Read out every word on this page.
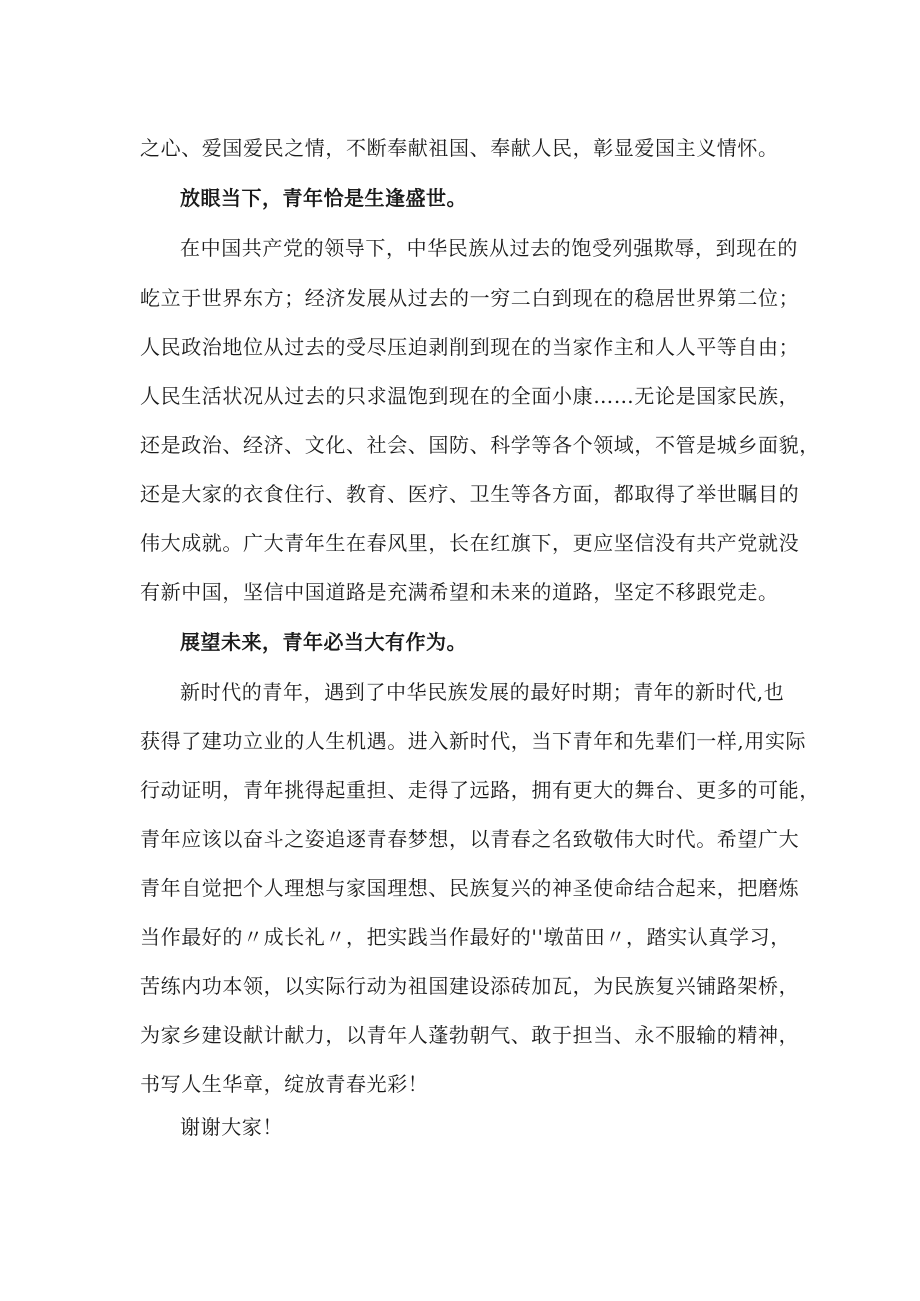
之心、爱国爱民之情，不断奉献祖国、奉献人民，彰显爱国主义情怀。
放眼当下，青年恰是生逢盛世。
在中国共产党的领导下，中华民族从过去的饱受列强欺辱，到现在的
屹立于世界东方；经济发展从过去的一穷二白到现在的稳居世界第二位；
人民政治地位从过去的受尽压迫剥削到现在的当家作主和人人平等自由；
人民生活状况从过去的只求温饱到现在的全面小康……无论是国家民族，
还是政治、经济、文化、社会、国防、科学等各个领域，不管是城乡面貌，
还是大家的衣食住行、教育、医疗、卫生等各方面，都取得了举世瞩目的
伟大成就。广大青年生在春风里，长在红旗下，更应坚信没有共产党就没
有新中国，坚信中国道路是充满希望和未来的道路，坚定不移跟党走。
展望未来，青年必当大有作为。
新时代的青年，遇到了中华民族发展的最好时期；青年的新时代,也
获得了建功立业的人生机遇。进入新时代，当下青年和先辈们一样,用实际
行动证明，青年挑得起重担、走得了远路，拥有更大的舞台、更多的可能，
青年应该以奋斗之姿追逐青春梦想，以青春之名致敬伟大时代。希望广大
青年自觉把个人理想与家国理想、民族复兴的神圣使命结合起来，把磨炼
当作最好的〃成长礼〃，把实践当作最好的''墩苗田〃，踏实认真学习，
苦练内功本领，以实际行动为祖国建设添砖加瓦，为民族复兴铺路架桥，
为家乡建设献计献力，以青年人蓬勃朝气、敢于担当、永不服输的精神，
书写人生华章，绽放青春光彩！
谢谢大家！
